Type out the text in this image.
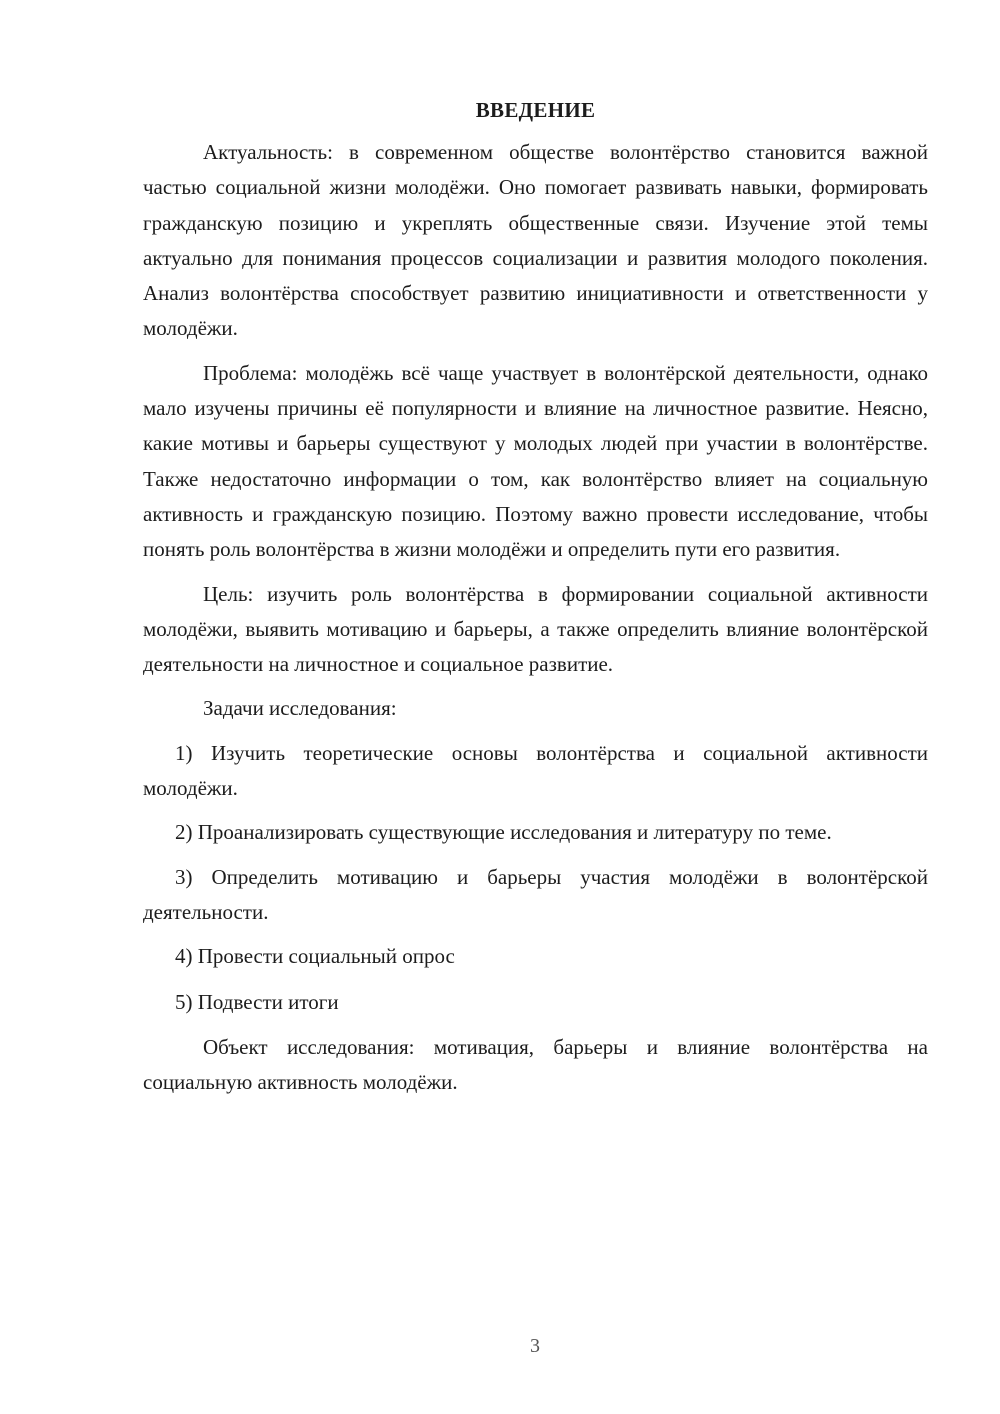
ВВЕДЕНИЕ

Актуальность: в современном обществе волонтёрство становится важной частью социальной жизни молодёжи. Оно помогает развивать навыки, формировать гражданскую позицию и укреплять общественные связи. Изучение этой темы актуально для понимания процессов социализации и развития молодого поколения. Анализ волонтёрства способствует развитию инициативности и ответственности у молодёжи.

Проблема: молодёжь всё чаще участвует в волонтёрской деятельности, однако мало изучены причины её популярности и влияние на личностное развитие. Неясно, какие мотивы и барьеры существуют у молодых людей при участии в волонтёрстве. Также недостаточно информации о том, как волонтёрство влияет на социальную активность и гражданскую позицию. Поэтому важно провести исследование, чтобы понять роль волонтёрства в жизни молодёжи и определить пути его развития.

Цель: изучить роль волонтёрства в формировании социальной активности молодёжи, выявить мотивацию и барьеры, а также определить влияние волонтёрской деятельности на личностное и социальное развитие.

Задачи исследования:

1) Изучить теоретические основы волонтёрства и социальной активности молодёжи.

2) Проанализировать существующие исследования и литературу по теме.

3) Определить мотивацию и барьеры участия молодёжи в волонтёрской деятельности.

4) Провести социальный опрос

5) Подвести итоги

Объект исследования: мотивация, барьеры и влияние волонтёрства на социальную активность молодёжи.

3
